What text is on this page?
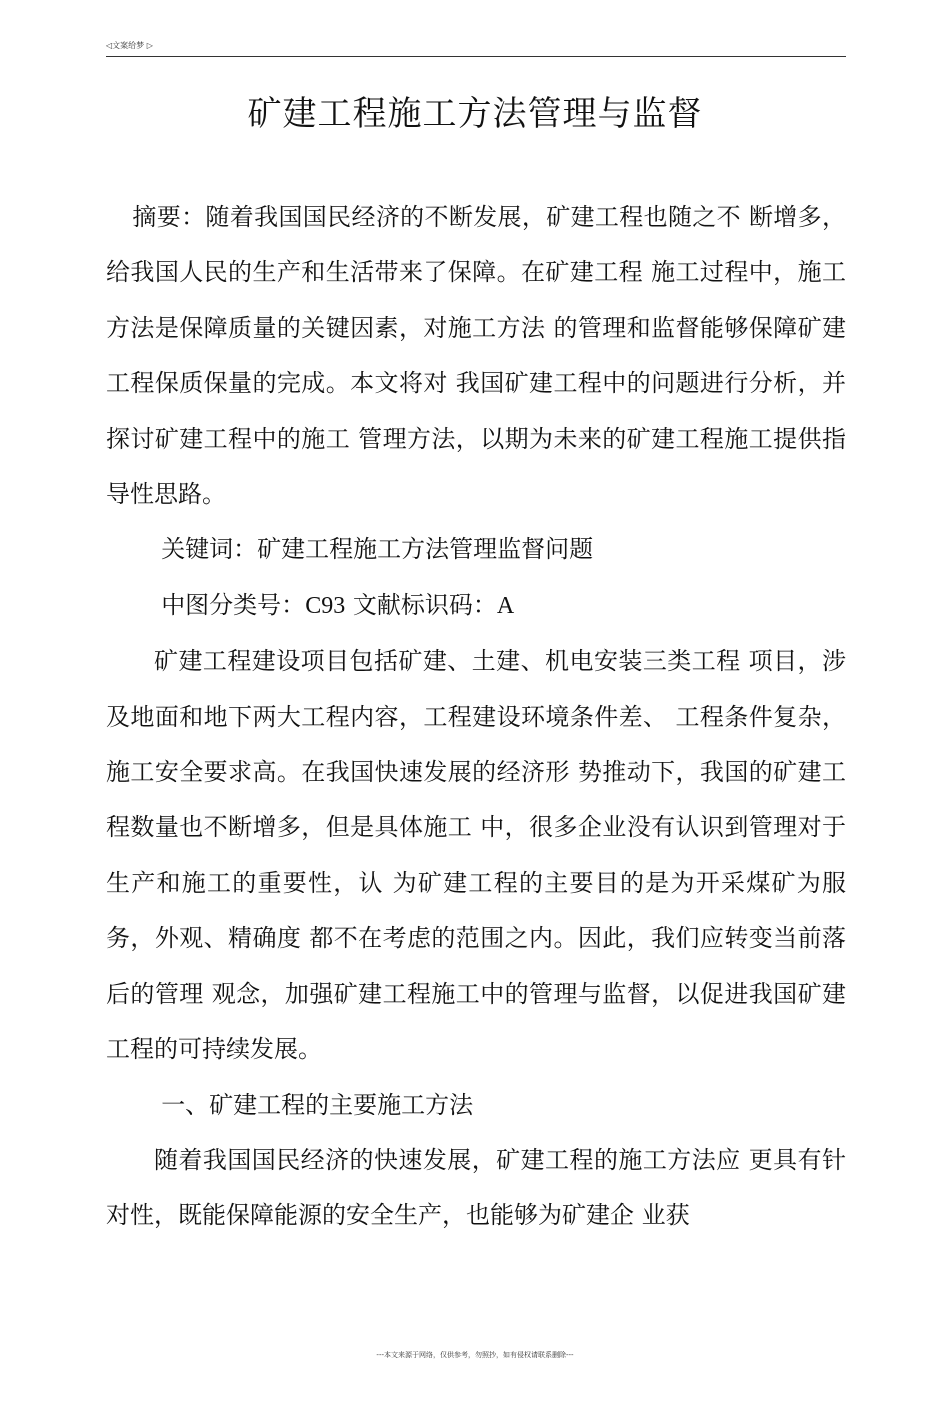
◁文案给梦 ▷
矿建工程施工方法管理与监督

摘要：随着我国国民经济的不断发展，矿建工程也随之不 断增多，给我国人民的生产和生活带来了保障。在矿建工程 施工过程中，施工方法是保障质量的关键因素，对施工方法 的管理和监督能够保障矿建工程保质保量的完成。本文将对 我国矿建工程中的问题进行分析，并探讨矿建工程中的施工 管理方法，以期为未来的矿建工程施工提供指导性思路。

关键词：矿建工程施工方法管理监督问题

中图分类号：C93 文献标识码：A

矿建工程建设项目包括矿建、土建、机电安装三类工程 项目，涉及地面和地下两大工程内容，工程建设环境条件差、 工程条件复杂，施工安全要求高。在我国快速发展的经济形 势推动下，我国的矿建工程数量也不断增多，但是具体施工 中，很多企业没有认识到管理对于生产和施工的重要性，认 为矿建工程的主要目的是为开采煤矿为服务，外观、精确度 都不在考虑的范围之内。因此，我们应转变当前落后的管理 观念，加强矿建工程施工中的管理与监督，以促进我国矿建 工程的可持续发展。

一、矿建工程的主要施工方法

随着我国国民经济的快速发展，矿建工程的施工方法应 更具有针对性，既能保障能源的安全生产，也能够为矿建企 业获

---本文来源于网络，仅供参考，勿照抄，如有侵权请联系删除---
